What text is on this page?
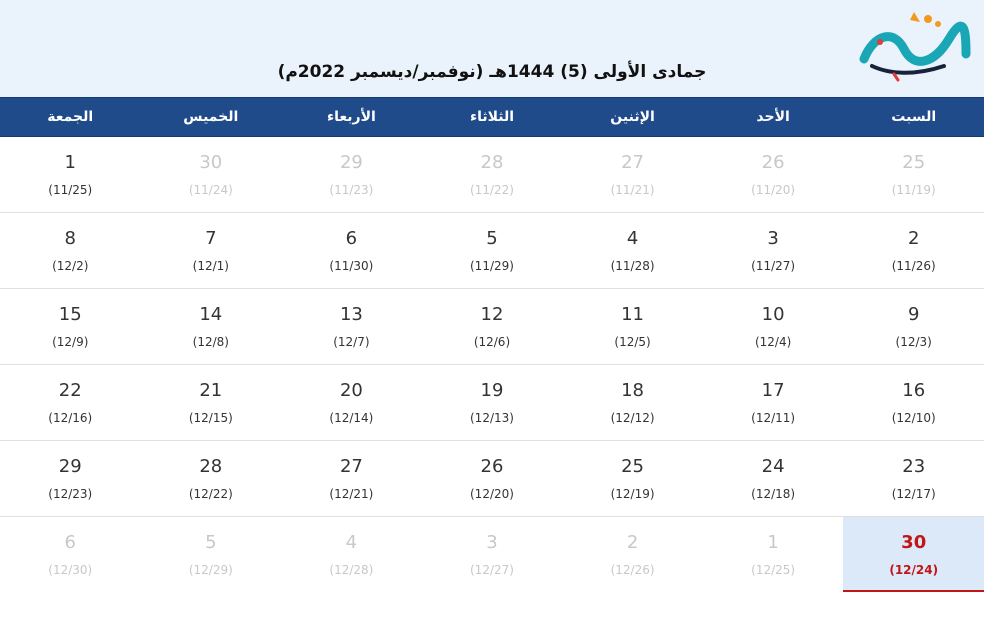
جمادى الأولى (5) 1444هـ (نوفمبر/ديسمبر 2022م)
السبت
الأحد
الإثنين
الثلاثاء
الأربعاء
الخميس
الجمعة
25
(11/19)
26
(11/20)
27
(11/21)
28
(11/22)
29
(11/23)
30
(11/24)
1
(11/25)
2
(11/26)
3
(11/27)
4
(11/28)
5
(11/29)
6
(11/30)
7
(12/1)
8
(12/2)
9
(12/3)
10
(12/4)
11
(12/5)
12
(12/6)
13
(12/7)
14
(12/8)
15
(12/9)
16
(12/10)
17
(12/11)
18
(12/12)
19
(12/13)
20
(12/14)
21
(12/15)
22
(12/16)
23
(12/17)
24
(12/18)
25
(12/19)
26
(12/20)
27
(12/21)
28
(12/22)
29
(12/23)
30
(12/24)
1
(12/25)
2
(12/26)
3
(12/27)
4
(12/28)
5
(12/29)
6
(12/30)
